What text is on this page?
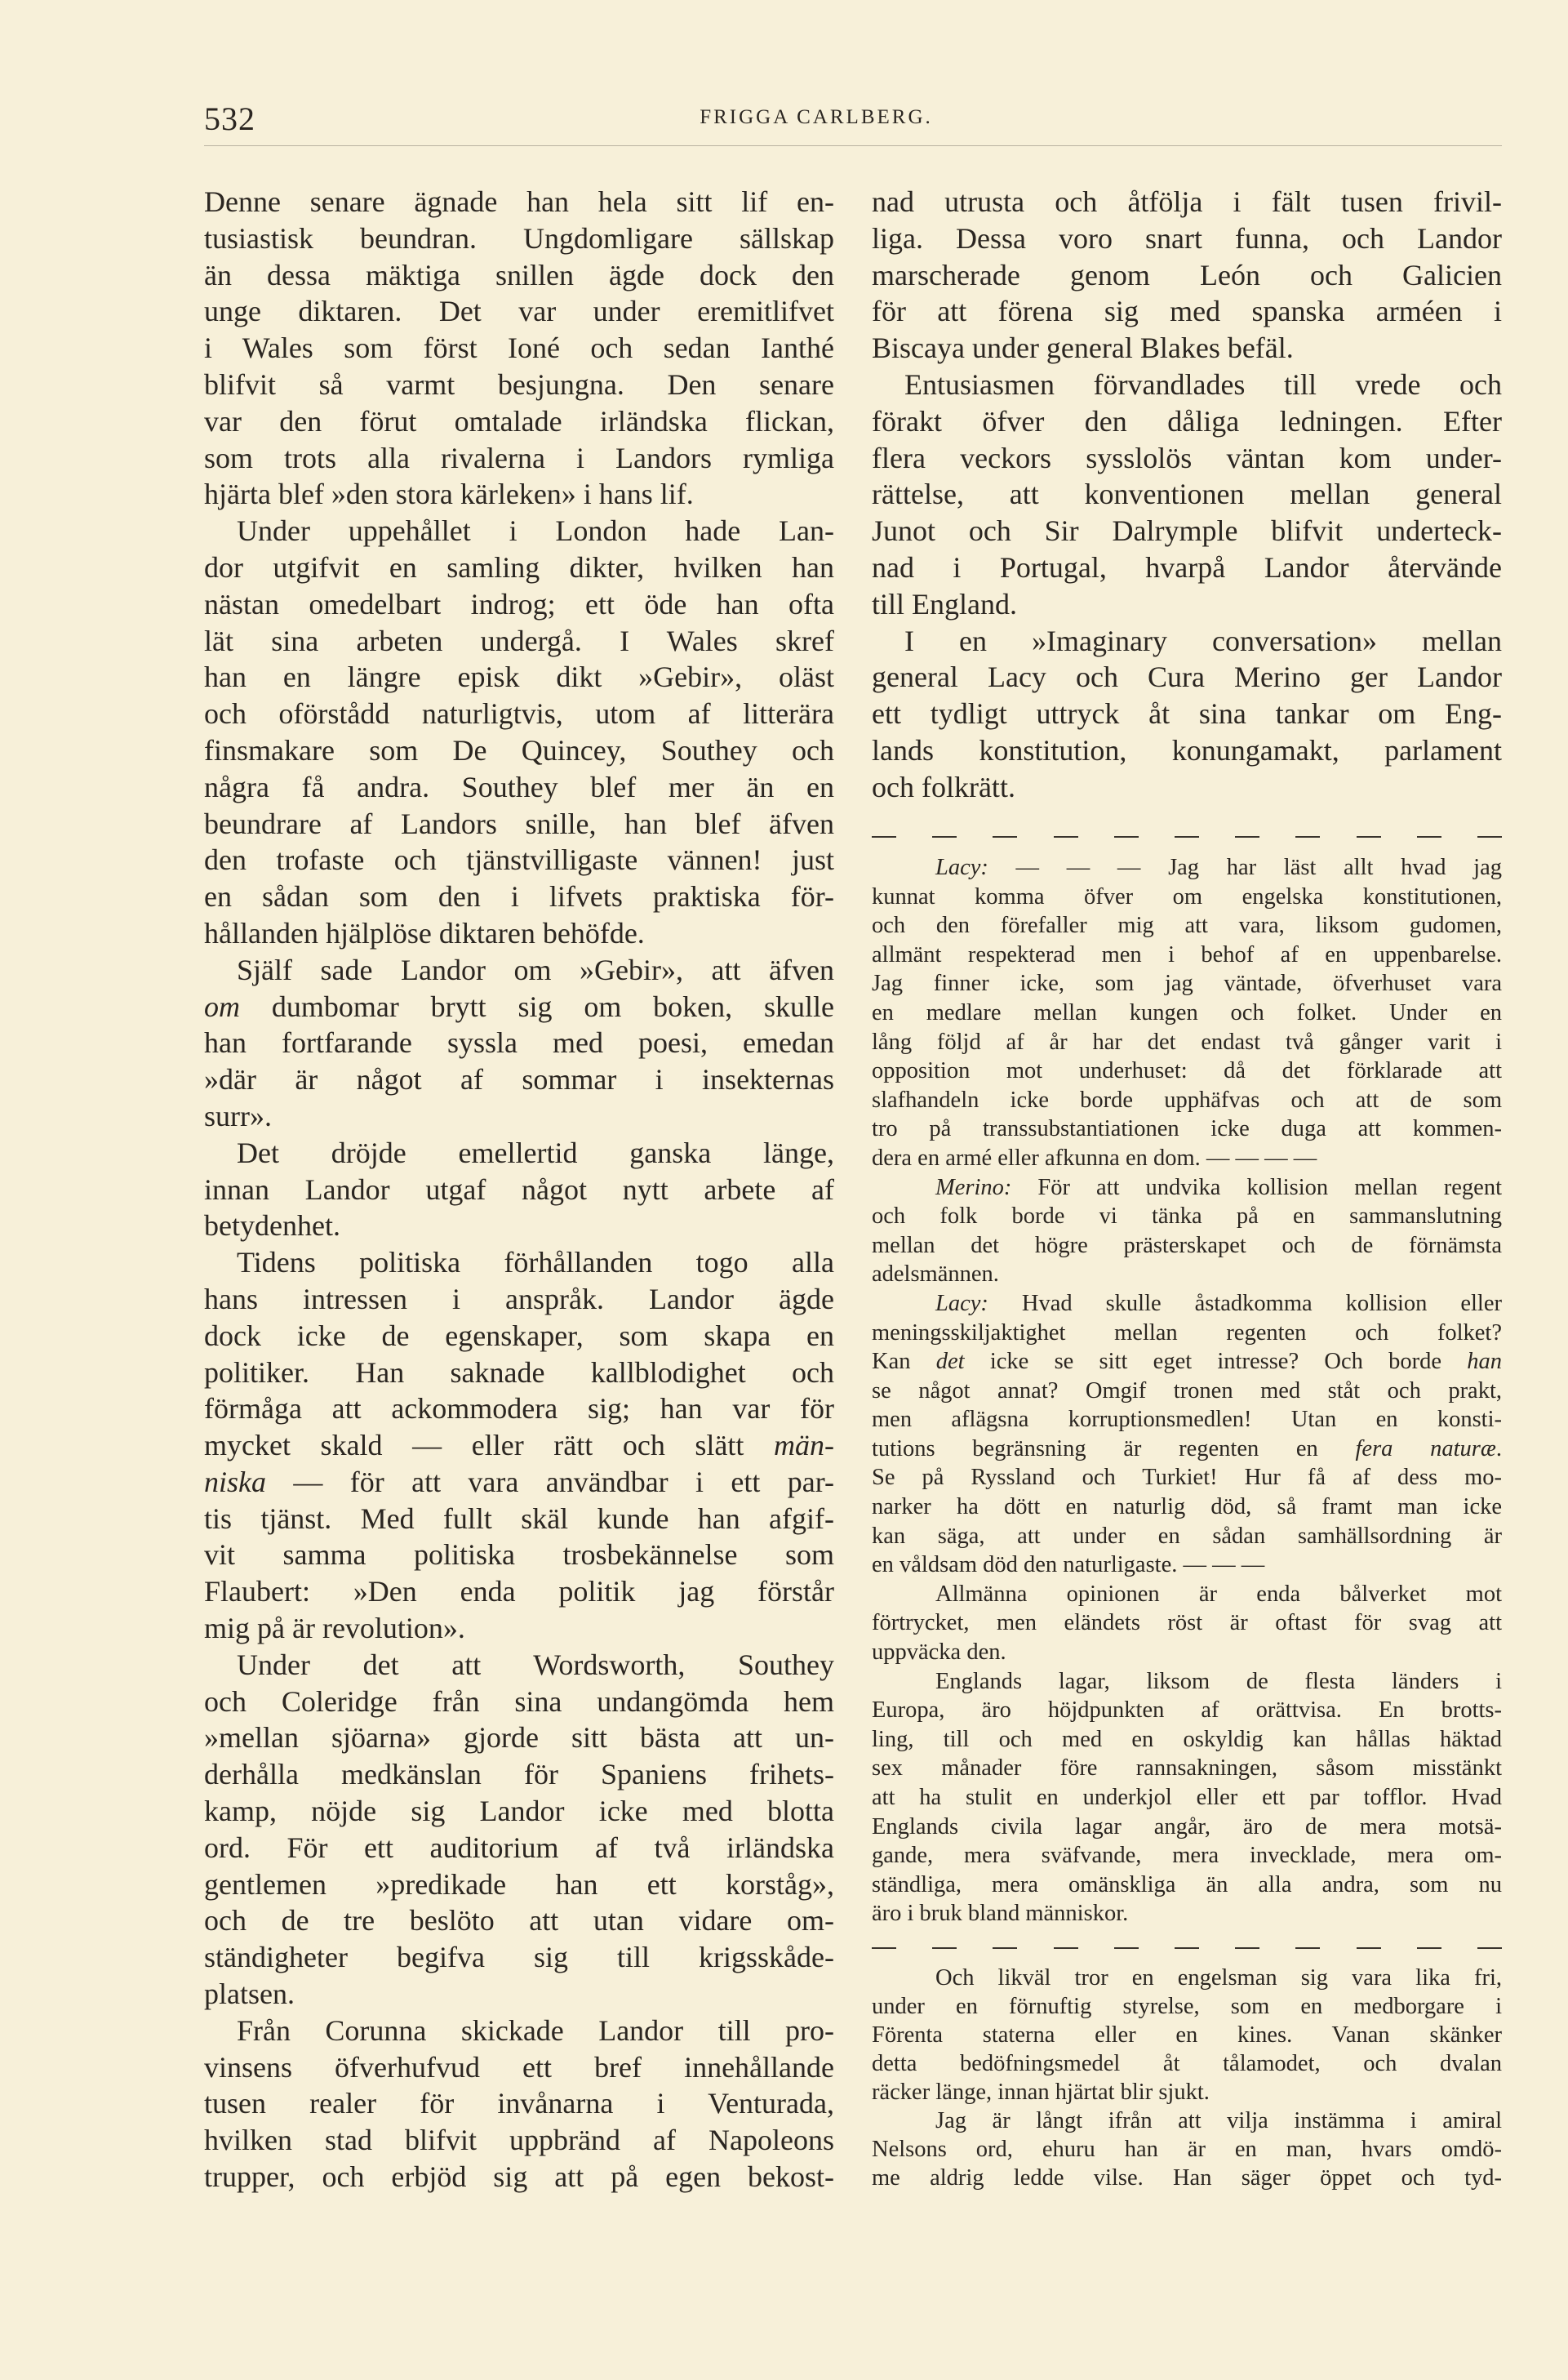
532	FRIGGA CARLBERG.
Denne senare ägnade han hela sitt lif en-
tusiastisk beundran. Ungdomligare sällskap
än dessa mäktiga snillen ägde dock den
unge diktaren. Det var under eremitlifvet
i Wales som först Ioné och sedan Ianthé
blifvit så varmt besjungna. Den senare
var den förut omtalade irländska flickan,
som trots alla rivalerna i Landors rymliga
hjärta blef »den stora kärleken» i hans lif.
Under uppehållet i London hade Lan-
dor utgifvit en samling dikter, hvilken han
nästan omedelbart indrog; ett öde han ofta
lät sina arbeten undergå. I Wales skref
han en längre episk dikt »Gebir», oläst
och oförstådd naturligtvis, utom af litterära
finsmakare som De Quincey, Southey och
några få andra. Southey blef mer än en
beundrare af Landors snille, han blef äfven
den trofaste och tjänstvilligaste vännen! just
en sådan som den i lifvets praktiska för-
hållanden hjälplöse diktaren behöfde.
Själf sade Landor om »Gebir», att äfven
om dumbomar brytt sig om boken, skulle
han fortfarande syssla med poesi, emedan
»där är något af sommar i insekternas
surr».
Det dröjde emellertid ganska länge,
innan Landor utgaf något nytt arbete af
betydenhet.
Tidens politiska förhållanden togo alla
hans intressen i anspråk. Landor ägde
dock icke de egenskaper, som skapa en
politiker. Han saknade kallblodighet och
förmåga att ackommodera sig; han var för
mycket skald — eller rätt och slätt män-
niska — för att vara användbar i ett par-
tis tjänst. Med fullt skäl kunde han afgif-
vit samma politiska trosbekännelse som
Flaubert: »Den enda politik jag förstår
mig på är revolution».
Under det att Wordsworth, Southey
och Coleridge från sina undangömda hem
»mellan sjöarna» gjorde sitt bästa att un-
derhålla medkänslan för Spaniens frihets-
kamp, nöjde sig Landor icke med blotta
ord. För ett auditorium af två irländska
gentlemen »predikade han ett korståg»,
och de tre beslöto att utan vidare om-
ständigheter begifva sig till krigsskåde-
platsen.
Från Corunna skickade Landor till pro-
vinsens öfverhufvud ett bref innehållande
tusen realer för invånarna i Venturada,
hvilken stad blifvit uppbränd af Napoleons
trupper, och erbjöd sig att på egen bekost-
nad utrusta och åtfölja i fält tusen frivil-
liga. Dessa voro snart funna, och Landor
marscherade genom León och Galicien
för att förena sig med spanska arméen i
Biscaya under general Blakes befäl.
Entusiasmen förvandlades till vrede och
förakt öfver den dåliga ledningen. Efter
flera veckors sysslolös väntan kom under-
rättelse, att konventionen mellan general
Junot och Sir Dalrymple blifvit underteck-
nad i Portugal, hvarpå Landor återvände
till England.
I en »Imaginary conversation» mellan
general Lacy och Cura Merino ger Landor
ett tydligt uttryck åt sina tankar om Eng-
lands konstitution, konungamakt, parlament
och folkrätt.
Lacy: — — — Jag har läst allt hvad jag
kunnat komma öfver om engelska konstitutionen,
och den förefaller mig att vara, liksom gudomen,
allmänt respekterad men i behof af en uppenbarelse.
Jag finner icke, som jag väntade, öfverhuset vara
en medlare mellan kungen och folket. Under en
lång följd af år har det endast två gånger varit i
opposition mot underhuset: då det förklarade att
slafhandeln icke borde upphäfvas och att de som
tro på transsubstantiationen icke duga att kommen-
dera en armé eller afkunna en dom. — — — —
Merino: För att undvika kollision mellan regent
och folk borde vi tänka på en sammanslutning
mellan det högre prästerskapet och de förnämsta
adelsmännen.
Lacy: Hvad skulle åstadkomma kollision eller
meningsskiljaktighet mellan regenten och folket?
Kan det icke se sitt eget intresse? Och borde han
se något annat? Omgif tronen med ståt och prakt,
men aflägsna korruptionsmedlen! Utan en konsti-
tutions begränsning är regenten en fera naturæ.
Se på Ryssland och Turkiet! Hur få af dess mo-
narker ha dött en naturlig död, så framt man icke
kan säga, att under en sådan samhällsordning är
en våldsam död den naturligaste. — — —
Allmänna opinionen är enda bålverket mot
förtrycket, men eländets röst är oftast för svag att
uppväcka den.
Englands lagar, liksom de flesta länders i
Europa, äro höjdpunkten af orättvisa. En brotts-
ling, till och med en oskyldig kan hållas häktad
sex månader före rannsakningen, såsom misstänkt
att ha stulit en underkjol eller ett par tofflor. Hvad
Englands civila lagar angår, äro de mera motsä-
gande, mera sväfvande, mera invecklade, mera om-
ständliga, mera omänskliga än alla andra, som nu
äro i bruk bland människor.
Och likväl tror en engelsman sig vara lika fri,
under en förnuftig styrelse, som en medborgare i
Förenta staterna eller en kines. Vanan skänker
detta bedöfningsmedel åt tålamodet, och dvalan
räcker länge, innan hjärtat blir sjukt.
Jag är långt ifrån att vilja instämma i amiral
Nelsons ord, ehuru han är en man, hvars omdö-
me aldrig ledde vilse. Han säger öppet och tyd-
